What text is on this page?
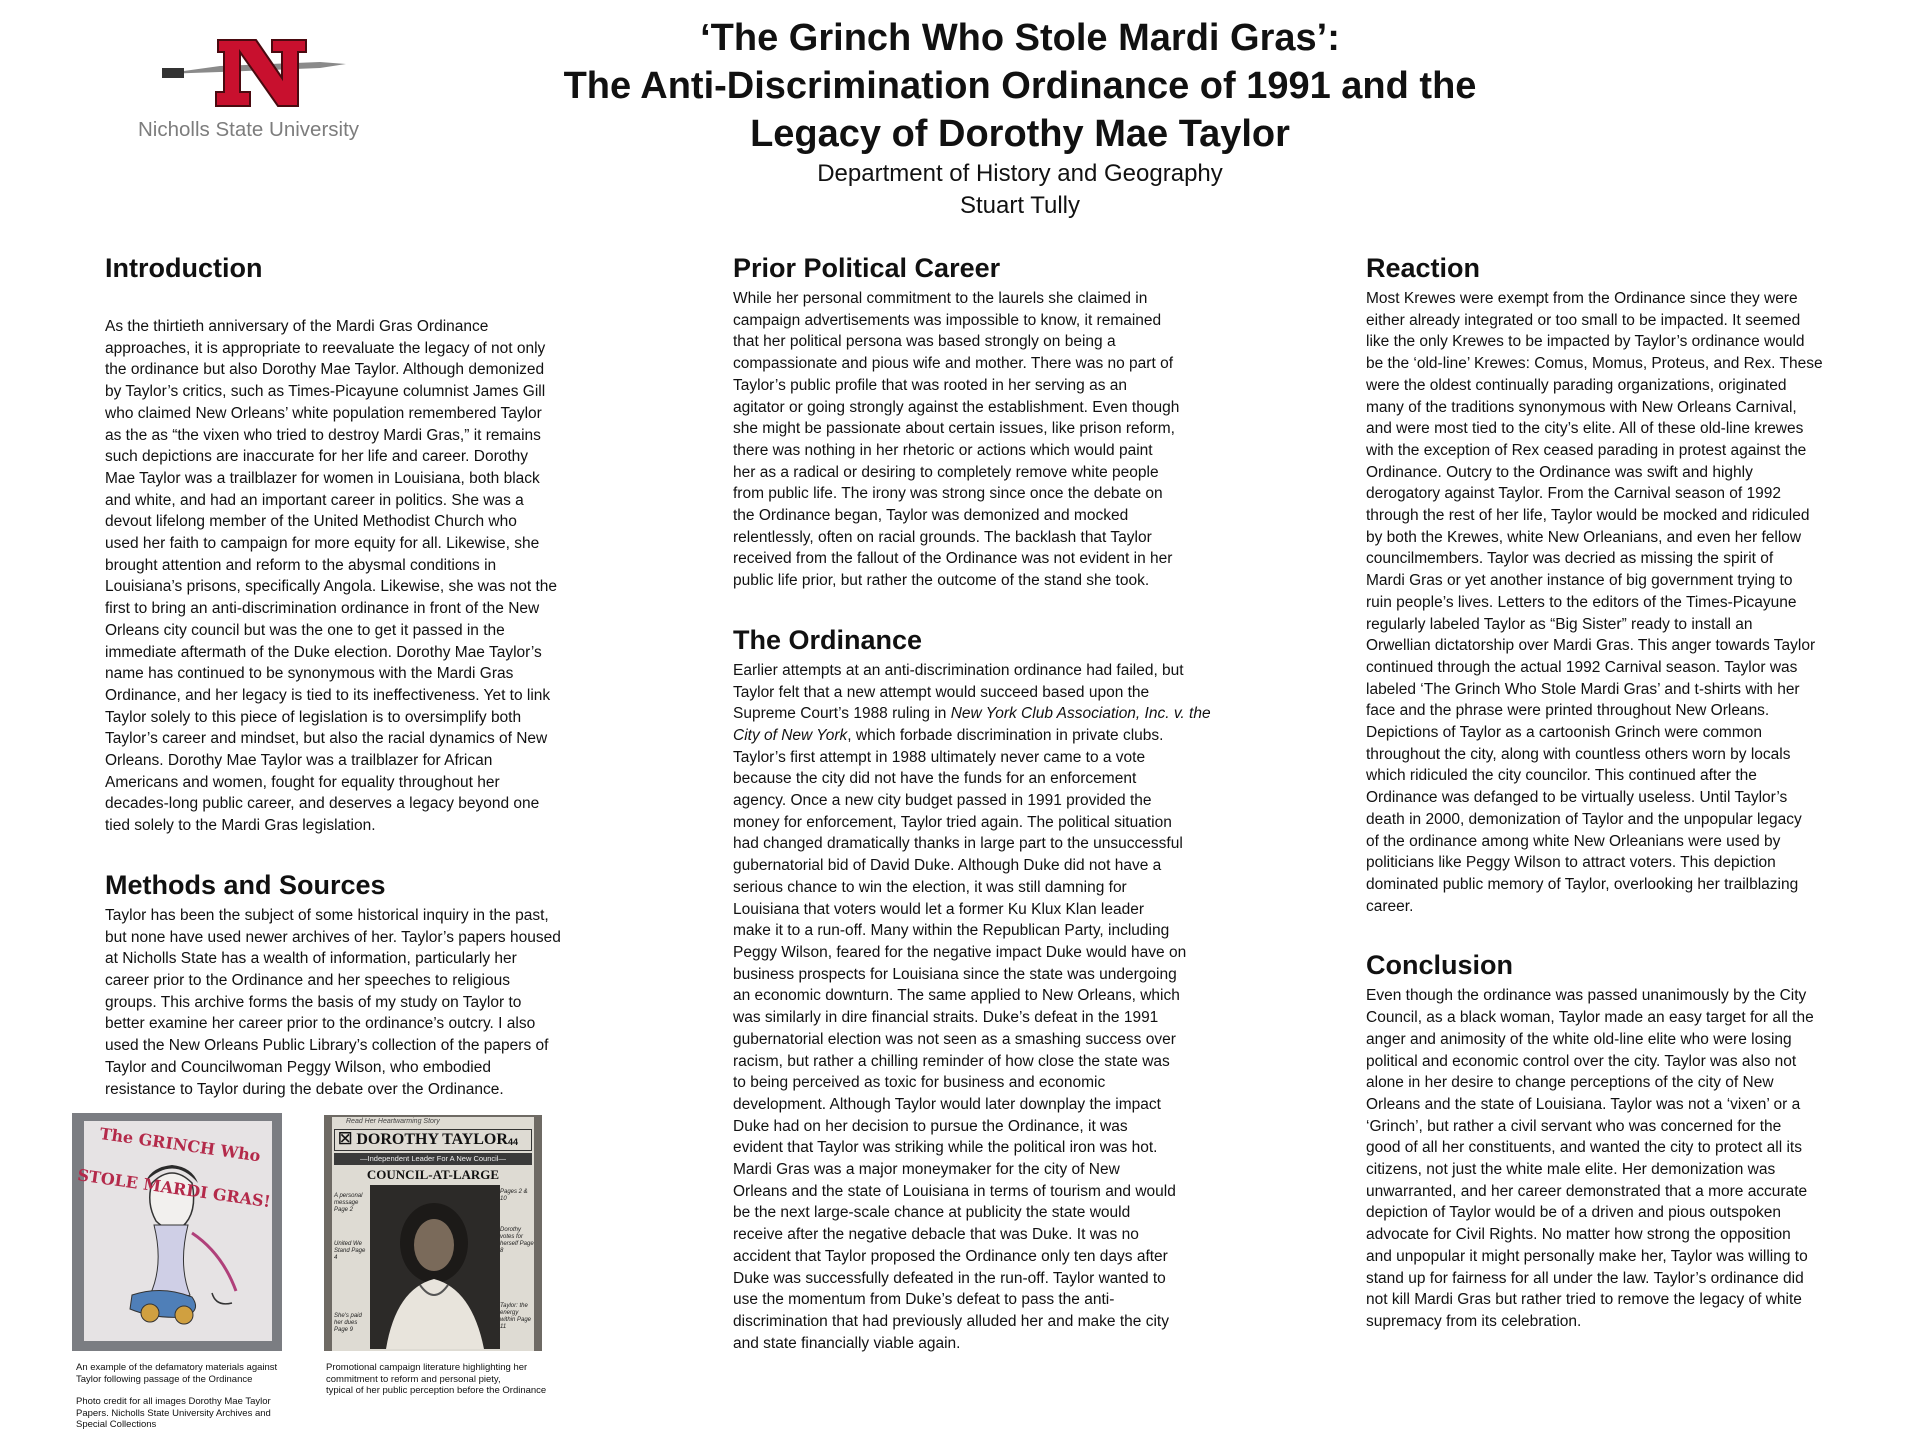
Nicholls State University

‘The Grinch Who Stole Mardi Gras’:

The Anti-Discrimination Ordinance of 1991 and the

Legacy of Dorothy Mae Taylor

Department of History and Geography

Stuart Tully

Introduction

As the thirtieth anniversary of the Mardi Gras Ordinance
approaches, it is appropriate to reevaluate the legacy of not only
the ordinance but also Dorothy Mae Taylor. Although demonized
by Taylor’s critics, such as Times-Picayune columnist James Gill
who claimed New Orleans’ white population remembered Taylor
as the as “the vixen who tried to destroy Mardi Gras,” it remains
such depictions are inaccurate for her life and career. Dorothy
Mae Taylor was a trailblazer for women in Louisiana, both black
and white, and had an important career in politics. She was a
devout lifelong member of the United Methodist Church who
used her faith to campaign for more equity for all. Likewise, she
brought attention and reform to the abysmal conditions in
Louisiana’s prisons, specifically Angola. Likewise, she was not the
first to bring an anti-discrimination ordinance in front of the New
Orleans city council but was the one to get it passed in the
immediate aftermath of the Duke election. Dorothy Mae Taylor’s
name has continued to be synonymous with the Mardi Gras
Ordinance, and her legacy is tied to its ineffectiveness. Yet to link
Taylor solely to this piece of legislation is to oversimplify both
Taylor’s career and mindset, but also the racial dynamics of New
Orleans. Dorothy Mae Taylor was a trailblazer for African
Americans and women, fought for equality throughout her
decades-long public career, and deserves a legacy beyond one
tied solely to the Mardi Gras legislation.

Methods and Sources

Taylor has been the subject of some historical inquiry in the past,
but none have used newer archives of her. Taylor’s papers housed
at Nicholls State has a wealth of information, particularly her
career prior to the Ordinance and her speeches to religious
groups. This archive forms the basis of my study on Taylor to
better examine her career prior to the ordinance’s outcry. I also
used the New Orleans Public Library’s collection of the papers of
Taylor and Councilwoman Peggy Wilson, who embodied
resistance to Taylor during the debate over the Ordinance.

Prior Political Career

While her personal commitment to the laurels she claimed in
campaign advertisements was impossible to know, it remained
that her political persona was based strongly on being a
compassionate and pious wife and mother. There was no part of
Taylor’s public profile that was rooted in her serving as an
agitator or going strongly against the establishment. Even though
she might be passionate about certain issues, like prison reform,
there was nothing in her rhetoric or actions which would paint
her as a radical or desiring to completely remove white people
from public life. The irony was strong since once the debate on
the Ordinance began, Taylor was demonized and mocked
relentlessly, often on racial grounds. The backlash that Taylor
received from the fallout of the Ordinance was not evident in her
public life prior, but rather the outcome of the stand she took.

The Ordinance

Earlier attempts at an anti-discrimination ordinance had failed, but
Taylor felt that a new attempt would succeed based upon the
Supreme Court’s 1988 ruling in New York Club Association, Inc. v. the
City of New York, which forbade discrimination in private clubs.
Taylor’s first attempt in 1988 ultimately never came to a vote
because the city did not have the funds for an enforcement
agency. Once a new city budget passed in 1991 provided the
money for enforcement, Taylor tried again. The political situation
had changed dramatically thanks in large part to the unsuccessful
gubernatorial bid of David Duke. Although Duke did not have a
serious chance to win the election, it was still damning for
Louisiana that voters would let a former Ku Klux Klan leader
make it to a run-off. Many within the Republican Party, including
Peggy Wilson, feared for the negative impact Duke would have on
business prospects for Louisiana since the state was undergoing
an economic downturn. The same applied to New Orleans, which
was similarly in dire financial straits. Duke’s defeat in the 1991
gubernatorial election was not seen as a smashing success over
racism, but rather a chilling reminder of how close the state was
to being perceived as toxic for business and economic
development. Although Taylor would later downplay the impact
Duke had on her decision to pursue the Ordinance, it was
evident that Taylor was striking while the political iron was hot.
Mardi Gras was a major moneymaker for the city of New
Orleans and the state of Louisiana in terms of tourism and would
be the next large-scale chance at publicity the state would
receive after the negative debacle that was Duke. It was no
accident that Taylor proposed the Ordinance only ten days after
Duke was successfully defeated in the run-off. Taylor wanted to
use the momentum from Duke’s defeat to pass the anti-
discrimination that had previously alluded her and make the city
and state financially viable again.

Reaction

Most Krewes were exempt from the Ordinance since they were
either already integrated or too small to be impacted. It seemed
like the only Krewes to be impacted by Taylor’s ordinance would
be the ‘old-line’ Krewes: Comus, Momus, Proteus, and Rex. These
were the oldest continually parading organizations, originated
many of the traditions synonymous with New Orleans Carnival,
and were most tied to the city’s elite. All of these old-line krewes
with the exception of Rex ceased parading in protest against the
Ordinance. Outcry to the Ordinance was swift and highly
derogatory against Taylor. From the Carnival season of 1992
through the rest of her life, Taylor would be mocked and ridiculed
by both the Krewes, white New Orleanians, and even her fellow
councilmembers. Taylor was decried as missing the spirit of
Mardi Gras or yet another instance of big government trying to
ruin people’s lives. Letters to the editors of the Times-Picayune
regularly labeled Taylor as “Big Sister” ready to install an
Orwellian dictatorship over Mardi Gras. This anger towards Taylor
continued through the actual 1992 Carnival season. Taylor was
labeled ‘The Grinch Who Stole Mardi Gras’ and t-shirts with her
face and the phrase were printed throughout New Orleans.
Depictions of Taylor as a cartoonish Grinch were common
throughout the city, along with countless others worn by locals
which ridiculed the city councilor. This continued after the
Ordinance was defanged to be virtually useless. Until Taylor’s
death in 2000, demonization of Taylor and the unpopular legacy
of the ordinance among white New Orleanians were used by
politicians like Peggy Wilson to attract voters. This depiction
dominated public memory of Taylor, overlooking her trailblazing
career.

Conclusion

Even though the ordinance was passed unanimously by the City
Council, as a black woman, Taylor made an easy target for all the
anger and animosity of the white old-line elite who were losing
political and economic control over the city. Taylor was also not
alone in her desire to change perceptions of the city of New
Orleans and the state of Louisiana. Taylor was not a ‘vixen’ or a
‘Grinch’, but rather a civil servant who was concerned for the
good of all her constituents, and wanted the city to protect all its
citizens, not just the white male elite. Her demonization was
unwarranted, and her career demonstrated that a more accurate
depiction of Taylor would be of a driven and pious outspoken
advocate for Civil Rights. No matter how strong the opposition
and unpopular it might personally make her, Taylor was willing to
stand up for fairness for all under the law. Taylor’s ordinance did
not kill Mardi Gras but rather tried to remove the legacy of white
supremacy from its celebration.

The GRINCH Who STOLE MARDI GRAS!
Read Her Heartwarming Story
☒ DOROTHY TAYLOR 44
—Independent Leader For A New Council—
COUNCIL-AT-LARGE
A personal message Page 2
Pages 2 & 10
United We Stand Page 4
Dorothy votes for herself Page 8
She's paid her dues Page 9
Taylor: the energy within Page 11
An example of the defamatory materials against
Taylor following passage of the Ordinance
Photo credit for all images Dorothy Mae Taylor
Papers. Nicholls State University Archives and
Special Collections
Promotional campaign literature highlighting her
commitment to reform and personal piety,
typical of her public perception before the Ordinance
